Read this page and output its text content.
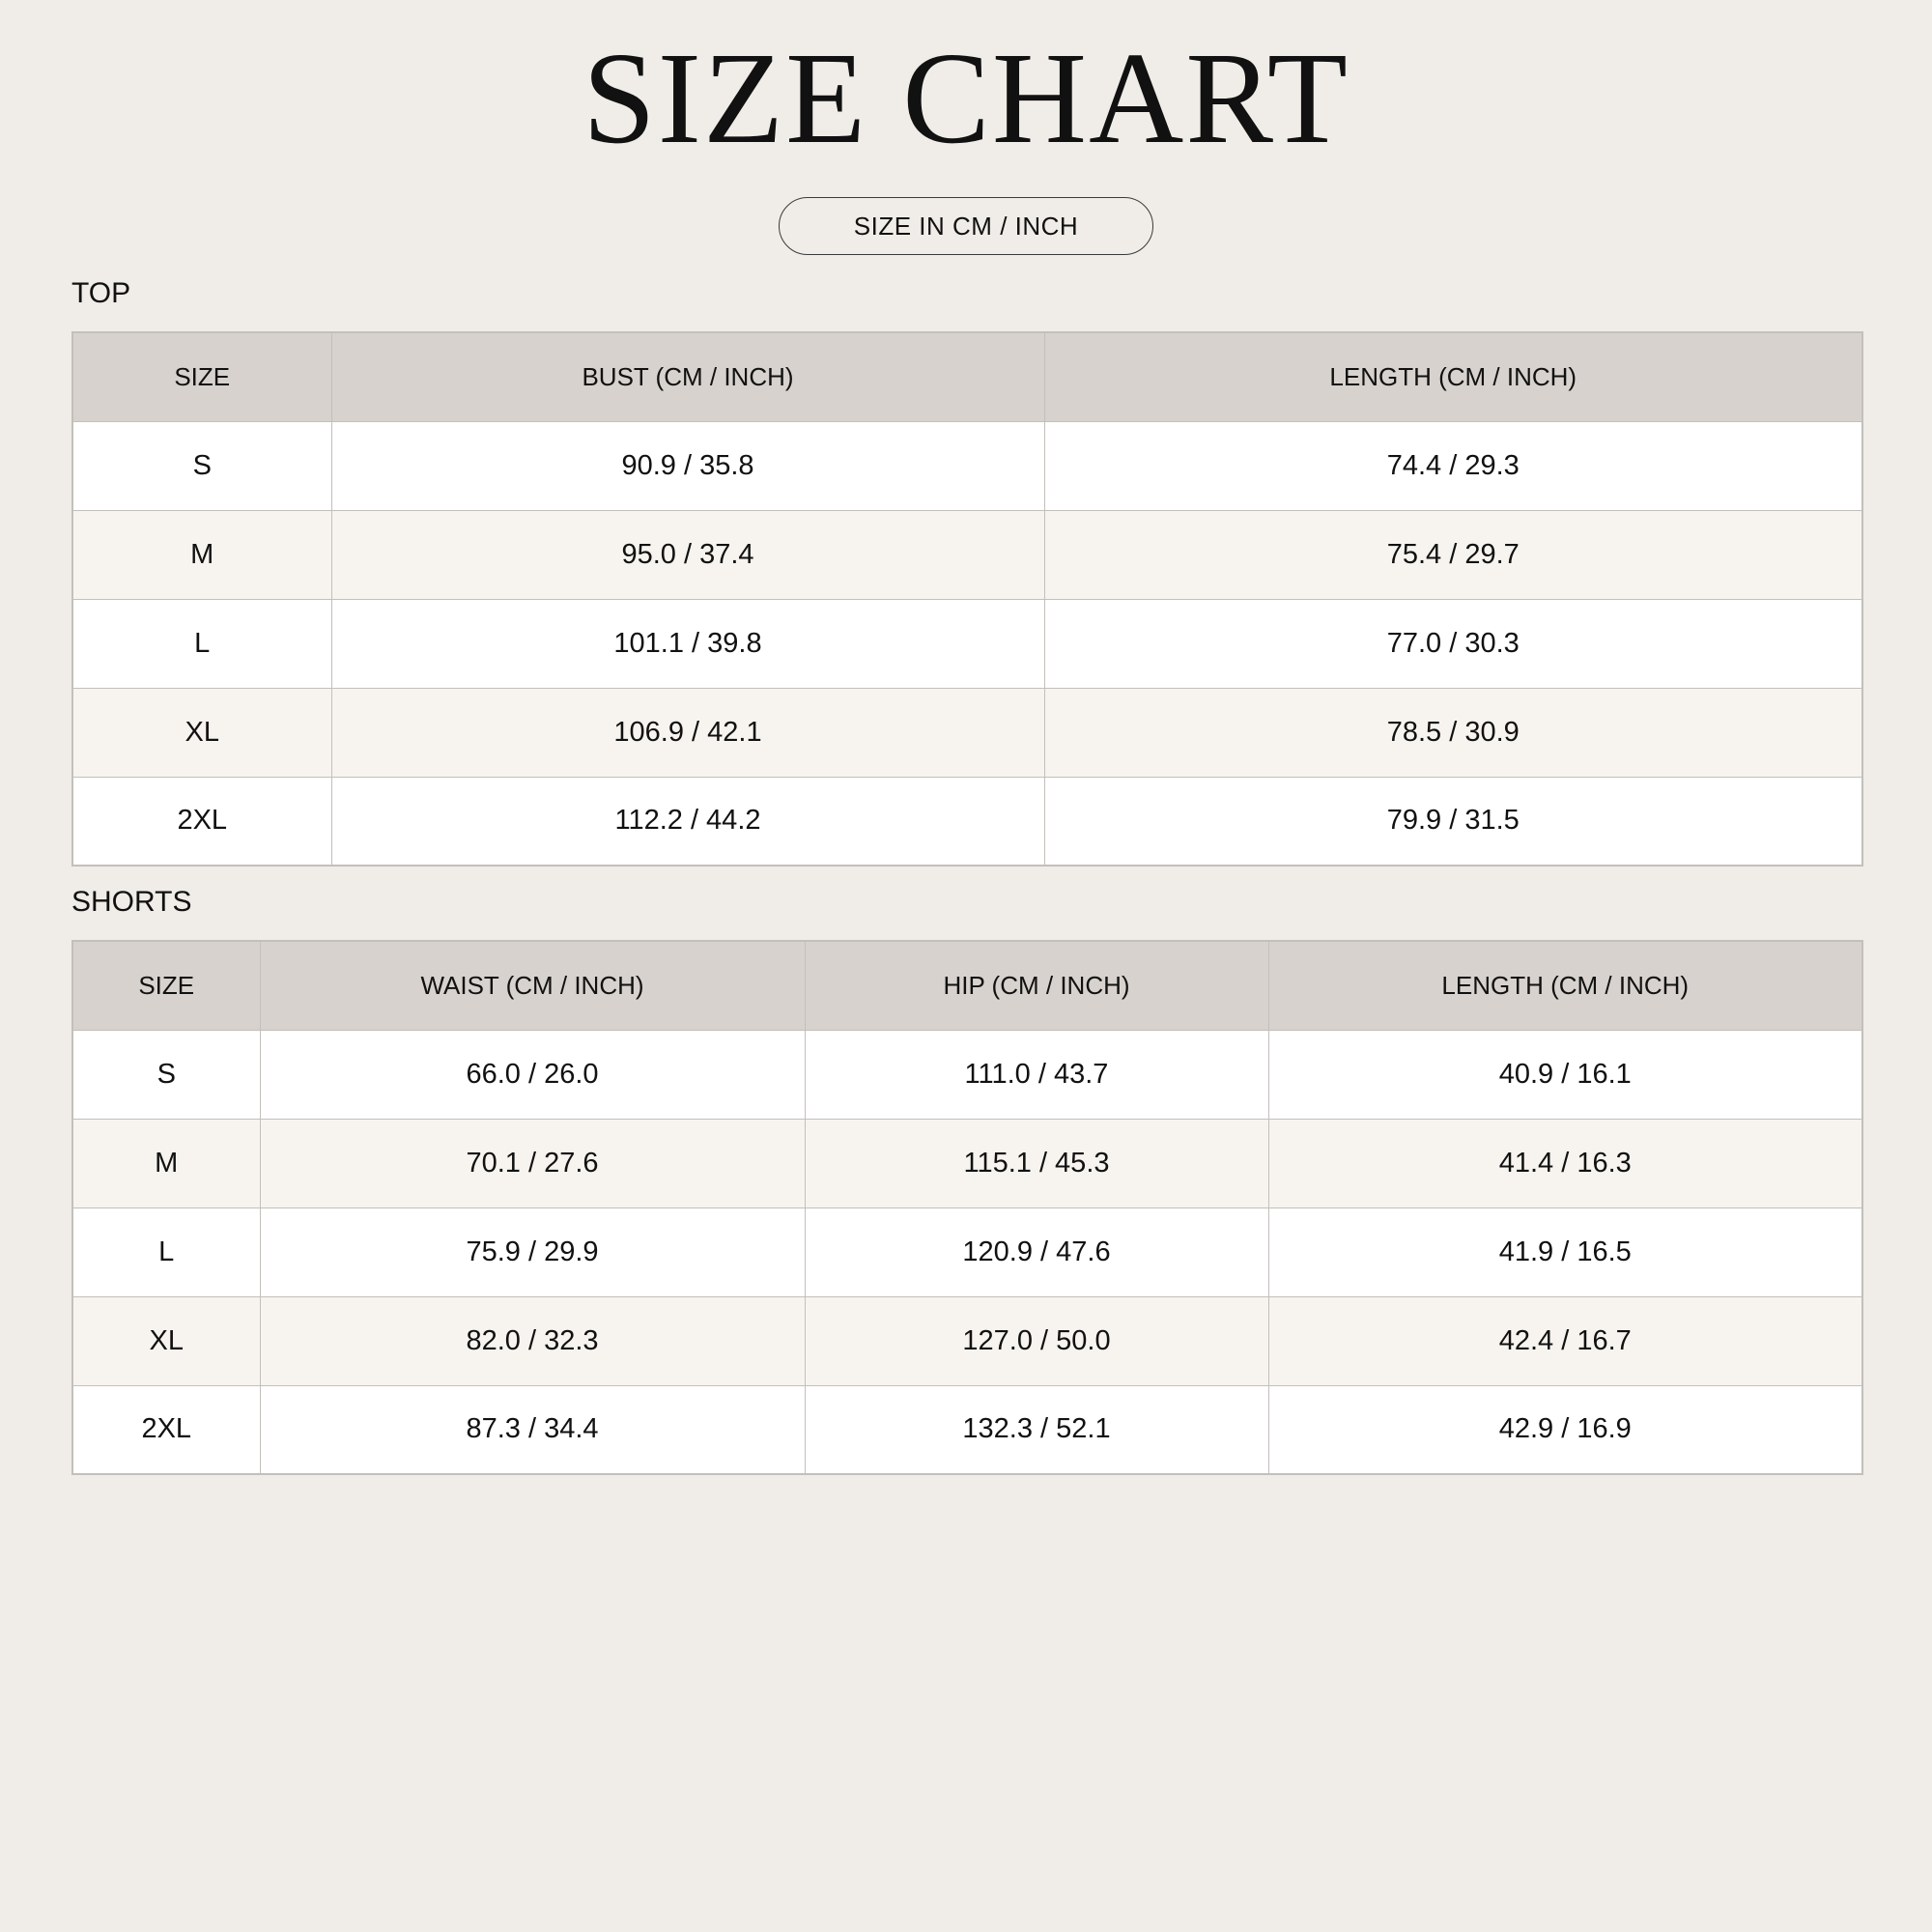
SIZE CHART
SIZE IN CM / INCH
TOP
SIZE	BUST (CM / INCH)	LENGTH (CM / INCH)
S	90.9 / 35.8	74.4 / 29.3
M	95.0 / 37.4	75.4 / 29.7
L	101.1 / 39.8	77.0 / 30.3
XL	106.9 / 42.1	78.5 / 30.9
2XL	112.2 / 44.2	79.9 / 31.5
SHORTS
SIZE	WAIST (CM / INCH)	HIP (CM / INCH)	LENGTH (CM / INCH)
S	66.0 / 26.0	111.0 / 43.7	40.9 / 16.1
M	70.1 / 27.6	115.1 / 45.3	41.4 / 16.3
L	75.9 / 29.9	120.9 / 47.6	41.9 / 16.5
XL	82.0 / 32.3	127.0 / 50.0	42.4 / 16.7
2XL	87.3 / 34.4	132.3 / 52.1	42.9 / 16.9
